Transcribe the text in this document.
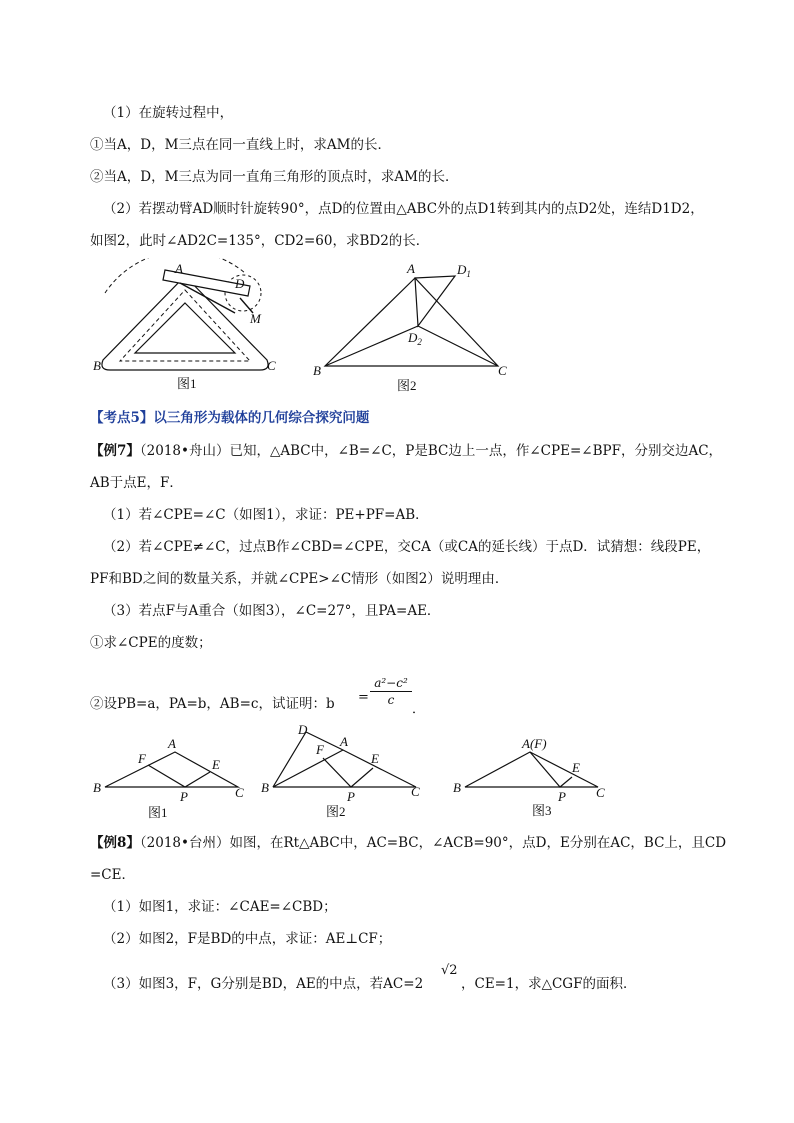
（1）在旋转过程中，
①当A，D，M三点在同一直线上时，求AM的长．
②当A，D，M三点为同一直角三角形的顶点时，求AM的长．
（2）若摆动臂AD顺时针旋转90°，点D的位置由△ABC外的点D1转到其内的点D2处，连结D1D2，
如图2，此时∠AD2C=135°，CD2=60，求BD2的长．
A
D
M
B	C
图1
A	$D_1$
$D_2$
B	C
图2
【考点5】以三角形为载体的几何综合探究问题
【例7】（2018•舟山）已知，△ABC中，∠B=∠C，P是BC边上一点，作∠CPE=∠BPF，分别交边AC，
AB于点E，F．
（1）若∠CPE=∠C（如图1），求证：PE+PF=AB．
（2）若∠CPE≠∠C，过点B作∠CBD=∠CPE，交CA（或CA的延长线）于点D．试猜想：线段PE，
PF和BD之间的数量关系，并就∠CPE>∠C情形（如图2）说明理由．
（3）若点F与A重合（如图3），∠C=27°，且PA=AE．
①求∠CPE的度数；
②设PB=a，PA=b，AB=c，试证明：b =
a²−c²
c
．
A
F	E
B
P	C
图1
D
A
F
E
B
P	C
图2
A(F)
E
B
P C
图3
【例8】（2018•台州）如图，在Rt△ABC中，AC=BC，∠ACB=90°，点D，E分别在AC，BC上，且CD
=CE．
（1）如图1，求证：∠CAE=∠CBD；
（2）如图2，F是BD的中点，求证：AE⊥CF；
（3）如图3，F，G分别是BD，AE的中点，若AC=2
√2
，CE=1，求△CGF的面积．
